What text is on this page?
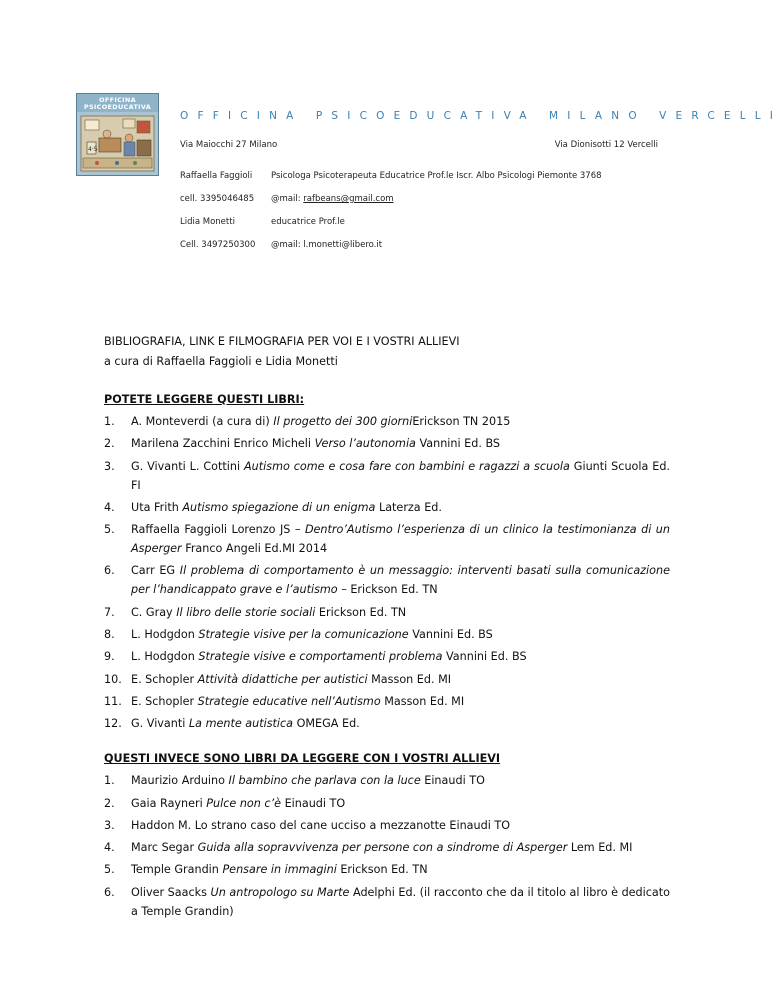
OFFICINA
PSICOEDUCATIVA
4·5
OFFICINA PSICOEDUCATIVA MILANO VERCELLI
Via Maiocchi 27 Milano	Via Dionisotti 12 Vercelli
Raffaella Faggioli	Psicologa Psicoterapeuta Educatrice Prof.le Iscr. Albo Psicologi Piemonte 3768
cell. 3395046485	@mail: rafbeans@gmail.com
Lidia Monetti	educatrice Prof.le
Cell. 3497250300	@mail: l.monetti@libero.it
BIBLIOGRAFIA, LINK E FILMOGRAFIA PER VOI E I VOSTRI ALLIEVI

a cura di Raffaella Faggioli e Lidia Monetti

POTETE LEGGERE QUESTI LIBRI:
1.	A. Monteverdi (a cura di) Il progetto dei 300 giorniErickson TN 2015
2.	Marilena Zacchini Enrico Micheli Verso l’autonomia Vannini Ed. BS
3.	G. Vivanti L. Cottini Autismo come e cosa fare con bambini e ragazzi a scuola Giunti Scuola Ed. FI
4.	Uta Frith Autismo spiegazione di un enigma Laterza Ed.
5.	Raffaella Faggioli Lorenzo JS – Dentro’Autismo l’esperienza di un clinico la testimonianza di un Asperger Franco Angeli Ed.MI 2014
6.	Carr EG Il problema di comportamento è un messaggio: interventi basati sulla comunicazione per l’handicappato grave e l’autismo – Erickson Ed. TN
7.	C. Gray Il libro delle storie sociali Erickson Ed. TN
8.	L. Hodgdon Strategie visive per la comunicazione Vannini Ed. BS
9.	L. Hodgdon Strategie visive e comportamenti problema Vannini Ed. BS
10. E. Schopler Attività didattiche per autistici Masson Ed. MI
11. E. Schopler Strategie educative nell’Autismo Masson Ed. MI
12. G. Vivanti La mente autistica OMEGA Ed.
QUESTI INVECE SONO LIBRI DA LEGGERE CON I VOSTRI ALLIEVI
1.	Maurizio Arduino Il bambino che parlava con la luce Einaudi TO
2.	Gaia Rayneri Pulce non c’è Einaudi TO
3.	Haddon M. Lo strano caso del cane ucciso a mezzanotte Einaudi TO
4.	Marc Segar Guida alla sopravvivenza per persone con a sindrome di Asperger Lem Ed. MI
5.	Temple Grandin Pensare in immagini Erickson Ed. TN
6.	Oliver Saacks Un antropologo su Marte Adelphi Ed. (il racconto che da il titolo al libro è dedicato a Temple Grandin)
